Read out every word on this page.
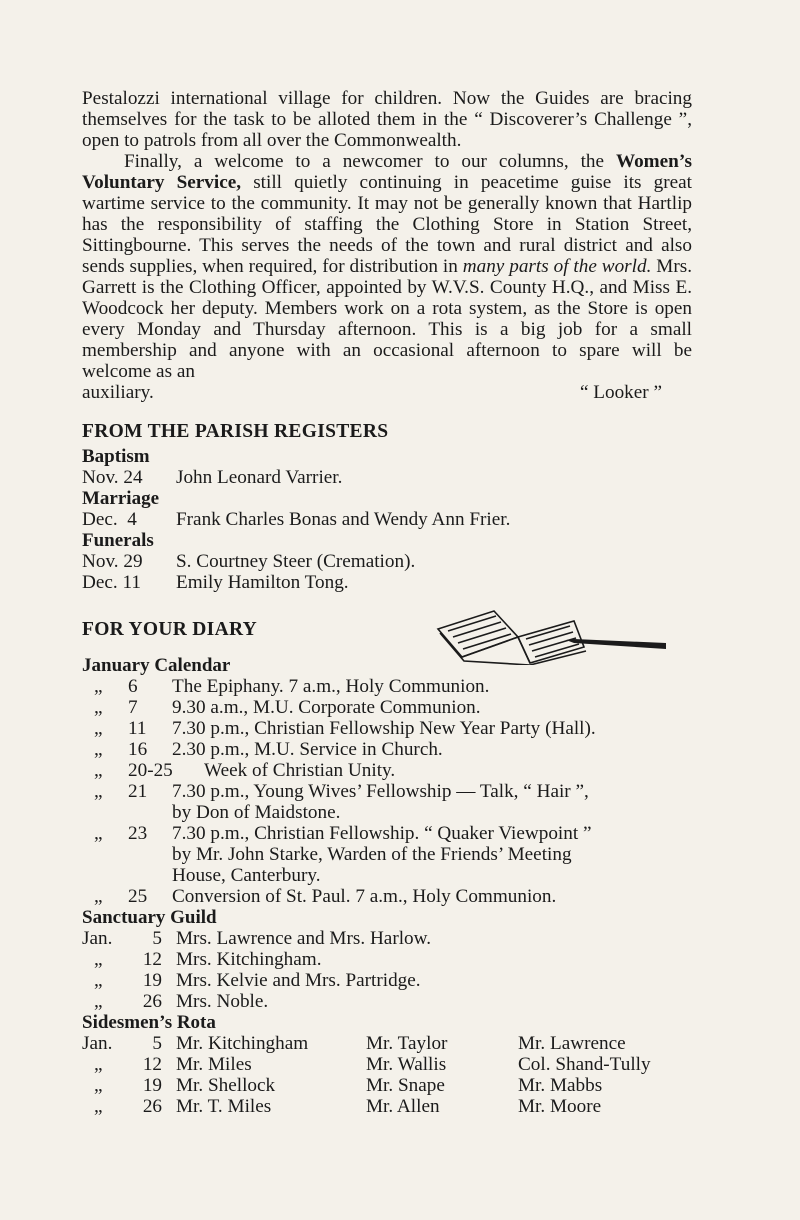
Pestalozzi international village for children. Now the Guides are bracing themselves for the task to be alloted them in the “ Discoverer’s Challenge ”, open to patrols from all over the Commonwealth.

Finally, a welcome to a newcomer to our columns, the Women’s Voluntary Service, still quietly continuing in peacetime guise its great wartime service to the community. It may not be generally known that Hartlip has the responsibility of staffing the Clothing Store in Station Street, Sittingbourne. This serves the needs of the town and rural district and also sends supplies, when required, for distribution in many parts of the world. Mrs. Garrett is the Clothing Officer, appointed by W.V.S. County H.Q., and Miss E. Woodcock her deputy. Members work on a rota system, as the Store is open every Monday and Thursday afternoon. This is a big job for a small membership and anyone with an occasional afternoon to spare will be welcome as an

auxiliary.	“ Looker ”
FROM THE PARISH REGISTERS
Baptism
Nov. 24	John Leonard Varrier.
Marriage
Dec.  4	Frank Charles Bonas and Wendy Ann Frier.
Funerals
Nov. 29	S. Courtney Steer (Cremation).
Dec. 11	Emily Hamilton Tong.
FOR YOUR DIARY
January Calendar
„	6	The Epiphany. 7 a.m., Holy Communion.
„	7	9.30 a.m., M.U. Corporate Communion.
„	11	7.30 p.m., Christian Fellowship New Year Party (Hall).
„	16	2.30 p.m., M.U. Service in Church.
„	20-25	Week of Christian Unity.
„	21	7.30 p.m., Young Wives’ Fellowship — Talk, “ Hair ”,
by Don of Maidstone.
„	23	7.30 p.m., Christian Fellowship. “ Quaker Viewpoint ”
by Mr. John Starke, Warden of the Friends’ Meeting
House, Canterbury.
„	25	Conversion of St. Paul. 7 a.m., Holy Communion.
Sanctuary Guild
Jan.	5 Mrs. Lawrence and Mrs. Harlow.
„	12 Mrs. Kitchingham.
„	19 Mrs. Kelvie and Mrs. Partridge.
„	26 Mrs. Noble.
Sidesmen’s Rota
Jan.	5 Mr. Kitchingham	Mr. Taylor	Mr. Lawrence
„	12 Mr. Miles	Mr. Wallis	Col. Shand-Tully
„	19 Mr. Shellock	Mr. Snape	Mr. Mabbs
„	26 Mr. T. Miles	Mr. Allen	Mr. Moore
